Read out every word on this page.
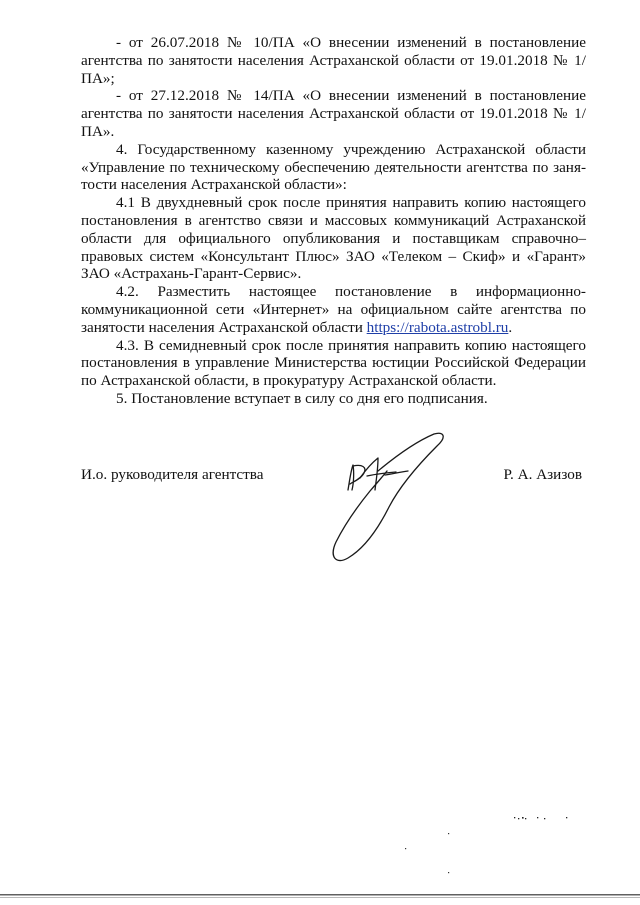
- от 26.07.2018 № 10/ПА «О внесении изменений в постановление агентства по занятости населения Астраханской области от 19.01.2018 № 1/ПА»;

- от 27.12.2018 № 14/ПА «О внесении изменений в постановление агентства по занятости населения Астраханской области от 19.01.2018 № 1/ПА».

4. Государственному казенному учреждению Астраханской области «Управление по техническому обеспечению деятельности агентства по занятости населения Астраханской области»:

4.1 В двухдневный срок после принятия направить копию настоящего постановления в агентство связи и массовых коммуникаций Астраханской области для официального опубликования и поставщикам справочно–правовых систем «Консультант Плюс» ЗАО «Телеком – Скиф» и «Гарант» ЗАО «Астрахань-Гарант-Сервис».

4.2. Разместить настоящее постановление в информационно-коммуникационной сети «Интернет» на официальном сайте агентства по занятости населения Астраханской области https://rabota.astrobl.ru.

4.3. В семидневный срок после принятия направить копию настоящего постановления в управление Министерства юстиции Российской Федерации по Астраханской области, в прокуратуру Астраханской области.

5. Постановление вступает в силу со дня его подписания.

И.о. руководителя агентства	Р. А. Азизов
